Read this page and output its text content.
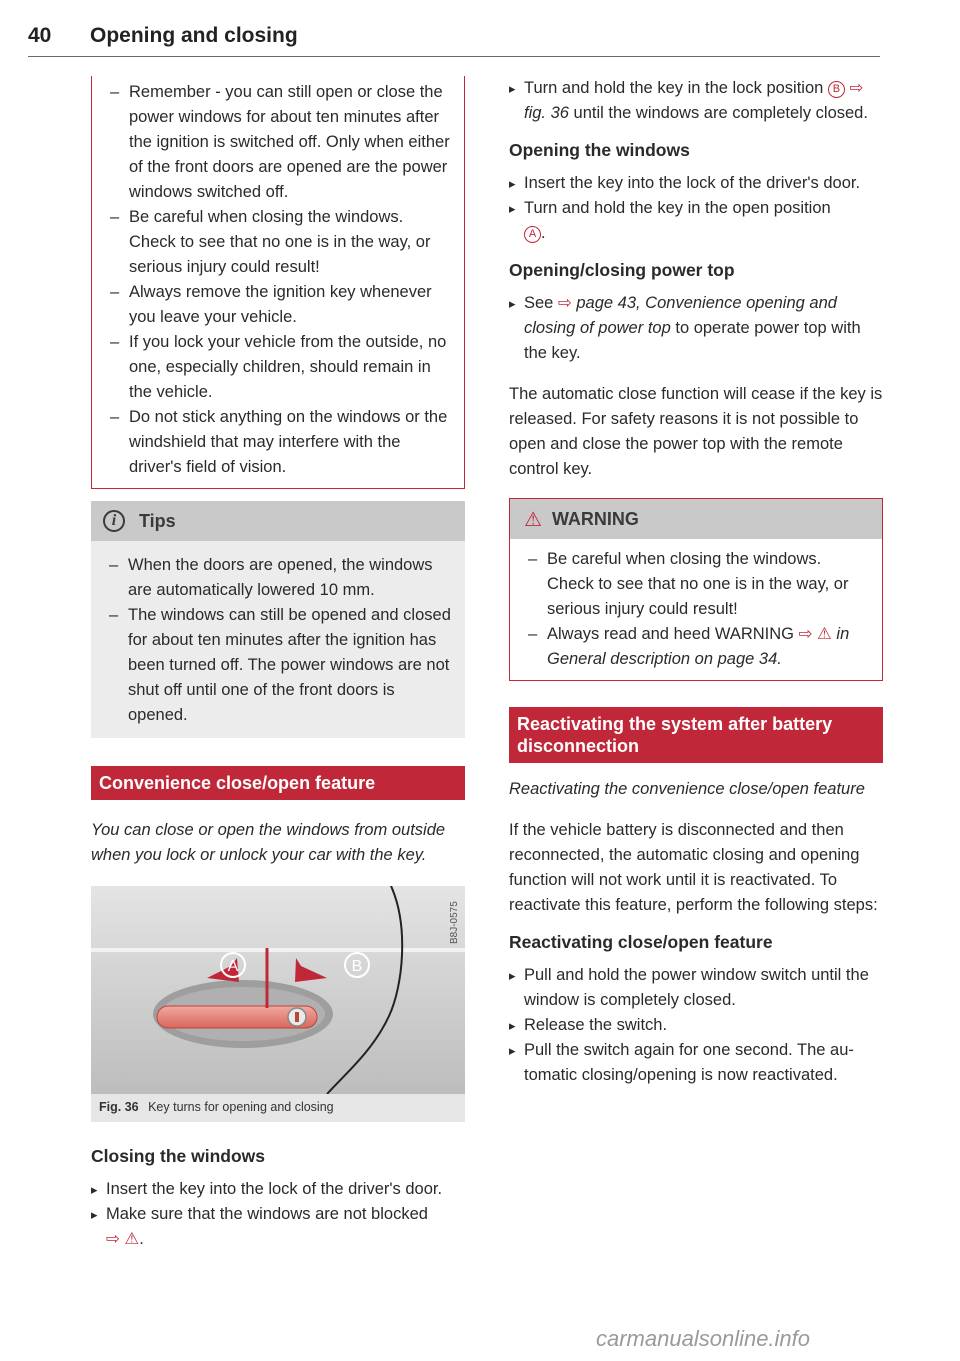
40 Opening and closing
– Remember - you can still open or close the power windows for about ten minutes after the ignition is switched off. Only when either of the front doors are opened are the power windows switched off.
– Be careful when closing the windows. Check to see that no one is in the way, or serious injury could result!
– Always remove the ignition key whenever you leave your vehicle.
– If you lock your vehicle from the outside, no one, especially children, should remain in the vehicle.
– Do not stick anything on the windows or the windshield that may interfere with the driver's field of vision.
i	Tips
– When the doors are opened, the windows are automatically lowered 10 mm.
– The windows can still be opened and closed for about ten minutes after the ignition has been turned off. The power windows are not shut off until one of the front doors is opened.
Convenience close/open feature

You can close or open the windows from outside when you lock or unlock your car with the key.

A	B
B8J-0575
Fig. 36 Key turns for opening and closing
Closing the windows
▸ Insert the key into the lock of the driver's door.
▸ Make sure that the windows are not blocked
⇨ ⚠.
▸ Turn and hold the key in the lock position B ⇨ fig. 36 until the windows are completely closed.
Opening the windows
▸ Insert the key into the lock of the driver's door.
▸ Turn and hold the key in the open position
A .
Opening/closing power top
▸ See ⇨ page 43, Convenience opening and closing of power top to operate power top with the key.

The automatic close function will cease if the key is released. For safety reasons it is not possible to open and close the power top with the remote control key.

⚠ WARNING
– Be careful when closing the windows. Check to see that no one is in the way, or serious injury could result!
– Always read and heed WARNING ⇨ ⚠ in General description on page 34.
Reactivating the system after battery disconnection

Reactivating the convenience close/open feature

If the vehicle battery is disconnected and then reconnected, the automatic closing and opening function will not work until it is reactivated. To reactivate this feature, perform the following steps:

Reactivating close/open feature
▸ Pull and hold the power window switch until the window is completely closed.
▸ Release the switch.
▸ Pull the switch again for one second. The automatic closing/opening is now reactivated.
carmanualsonline.info
